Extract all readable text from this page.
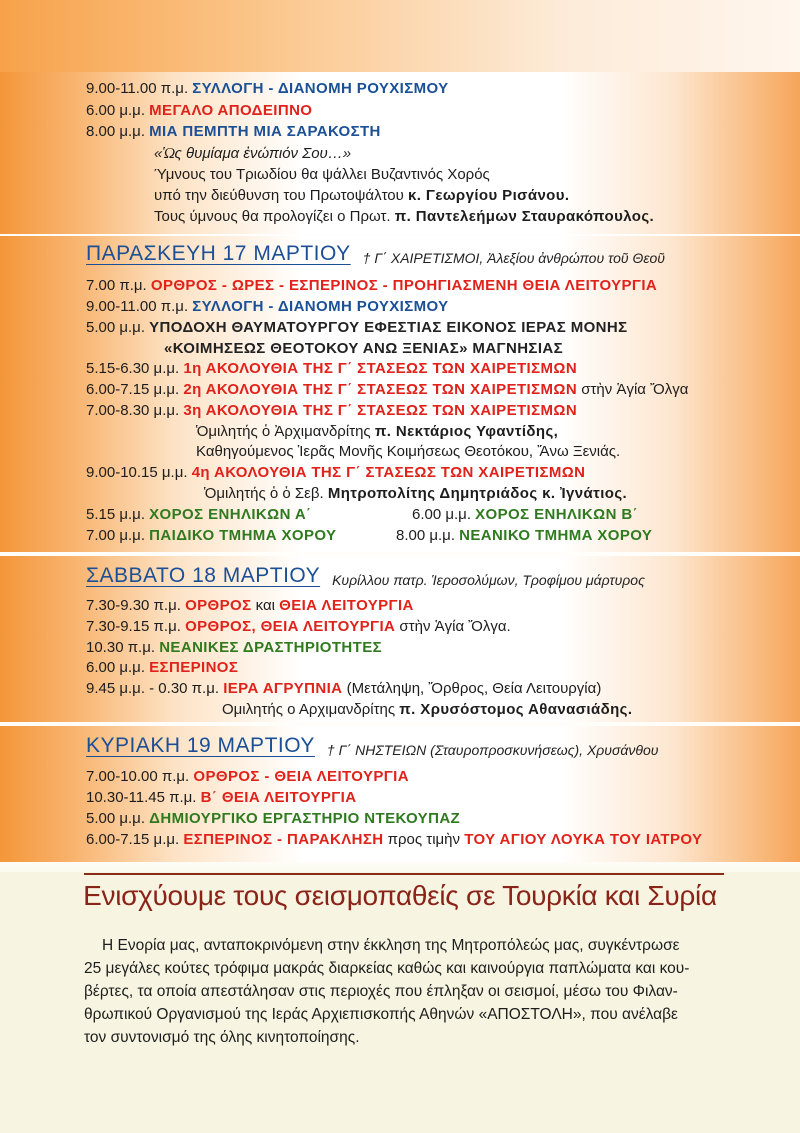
9.00-11.00 π.μ. ΣΥΛΛΟΓΗ - ΔΙΑΝΟΜΗ ΡΟΥΧΙΣΜΟΥ
6.00 μ.μ. ΜΕΓΑΛΟ ΑΠΟΔΕΙΠΝΟ
8.00 μ.μ. ΜΙΑ ΠΕΜΠΤΗ ΜΙΑ ΣΑΡΑΚΟΣΤΗ
«Ὡς θυμίαμα ἐνώπιόν Σου…»
Ύμνους του Τριωδίου θα ψάλλει Βυζαντινός Χορός
υπό την διεύθυνση του Πρωτοψάλτου κ. Γεωργίου Ρισάνου.
Τους ύμνους θα προλογίζει ο Πρωτ. π. Παντελεήμων Σταυρακόπουλος.
ΠΑΡΑΣΚΕΥΗ 17 ΜΑΡΤΙΟΥ † Γ΄ ΧΑΙΡΕΤΙΣΜΟΙ, Ἀλεξίου ἀνθρώπου τοῦ Θεοῦ
7.00 π.μ. ΟΡΘΡΟΣ - ΩΡΕΣ - ΕΣΠΕΡΙΝΟΣ - ΠΡΟΗΓΙΑΣΜΕΝΗ ΘΕΙΑ ΛΕΙΤΟΥΡΓΙΑ
9.00-11.00 π.μ. ΣΥΛΛΟΓΗ - ΔΙΑΝΟΜΗ ΡΟΥΧΙΣΜΟΥ
5.00 μ.μ. ΥΠΟΔΟΧΗ ΘΑΥΜΑΤΟΥΡΓΟΥ ΕΦΕΣΤΙΑΣ ΕΙΚΟΝΟΣ ΙΕΡΑΣ ΜΟΝΗΣ
«ΚΟΙΜΗΣΕΩΣ ΘΕΟΤΟΚΟΥ ΑΝΩ ΞΕΝΙΑΣ» ΜΑΓΝΗΣΙΑΣ
5.15-6.30 μ.μ. 1η ΑΚΟΛΟΥΘΙΑ ΤΗΣ Γ΄ ΣΤΑΣΕΩΣ ΤΩΝ ΧΑΙΡΕΤΙΣΜΩΝ
6.00-7.15 μ.μ. 2η ΑΚΟΛΟΥΘΙΑ ΤΗΣ Γ΄ ΣΤΑΣΕΩΣ ΤΩΝ ΧΑΙΡΕΤΙΣΜΩΝ στὴν Ἁγία Ὄλγα
7.00-8.30 μ.μ. 3η ΑΚΟΛΟΥΘΙΑ ΤΗΣ Γ΄ ΣΤΑΣΕΩΣ ΤΩΝ ΧΑΙΡΕΤΙΣΜΩΝ
Ὁμιλητής ὁ Ἀρχιμανδρίτης π. Νεκτάριος Υφαντίδης,
Καθηγούμενος Ἱερᾶς Μονῆς Κοιμήσεως Θεοτόκου, Ἄνω Ξενιάς.
9.00-10.15 μ.μ. 4η ΑΚΟΛΟΥΘΙΑ ΤΗΣ Γ΄ ΣΤΑΣΕΩΣ ΤΩΝ ΧΑΙΡΕΤΙΣΜΩΝ
Ὁμιλητής ὁ ὁ Σεβ. Μητροπολίτης Δημητριάδος κ. Ἰγνάτιος.
5.15 μ.μ. ΧΟΡΟΣ ΕΝΗΛΙΚΩΝ Α΄	6.00 μ.μ. ΧΟΡΟΣ ΕΝΗΛΙΚΩΝ Β΄
7.00 μ.μ. ΠΑΙΔΙΚΟ ΤΜΗΜΑ ΧΟΡΟΥ	8.00 μ.μ. ΝΕΑΝΙΚΟ ΤΜΗΜΑ ΧΟΡΟΥ
ΣΑΒΒΑΤΟ 18 ΜΑΡΤΙΟΥ Κυρίλλου πατρ. Ἱεροσολύμων, Τροφίμου μάρτυρος
7.30-9.30 π.μ. ΟΡΘΡΟΣ και ΘΕΙΑ ΛΕΙΤΟΥΡΓΙΑ
7.30-9.15 π.μ. ΟΡΘΡΟΣ, ΘΕΙΑ ΛΕΙΤΟΥΡΓΙΑ στὴν Ἁγία Ὄλγα.
10.30 π.μ. ΝΕΑΝΙΚΕΣ ΔΡΑΣΤΗΡΙΟΤΗΤΕΣ
6.00 μ.μ. ΕΣΠΕΡΙΝΟΣ
9.45 μ.μ. - 0.30 π.μ. ΙΕΡΑ ΑΓΡΥΠΝΙΑ (Μετάληψη, Ὄρθρος, Θεία Λειτουργία)
Ομιλητής ο Αρχιμανδρίτης π. Χρυσόστομος Αθανασιάδης.
ΚΥΡΙΑΚΗ 19 ΜΑΡΤΙΟΥ † Γ΄ ΝΗΣΤΕΙΩΝ (Σταυροπροσκυνήσεως), Χρυσάνθου
7.00-10.00 π.μ. ΟΡΘΡΟΣ - ΘΕΙΑ ΛΕΙΤΟΥΡΓΙΑ
10.30-11.45 π.μ. Β΄ ΘΕΙΑ ΛΕΙΤΟΥΡΓΙΑ
5.00 μ.μ. ΔΗΜΙΟΥΡΓΙΚΟ ΕΡΓΑΣΤΗΡΙΟ ΝΤΕΚΟΥΠΑΖ
6.00-7.15 μ.μ. ΕΣΠΕΡΙΝΟΣ - ΠΑΡΑΚΛΗΣΗ προς τιμὴν ΤΟΥ ΑΓΙΟΥ ΛΟΥΚΑ ΤΟΥ ΙΑΤΡΟΥ
Ενισχύουμε τους σεισμοπαθείς σε Τουρκία και Συρία
Η Ενορία μας, ανταποκρινόμενη στην έκκληση της Μητροπόλεώς μας, συγκέντρωσε
25 μεγάλες κούτες τρόφιμα μακράς διαρκείας καθώς και καινούργια παπλώματα και κου-
βέρτες, τα οποία απεστάλησαν στις περιοχές που έπληξαν οι σεισμοί, μέσω του Φιλαν-
θρωπικού Οργανισμού της Ιεράς Αρχιεπισκοπής Αθηνών «ΑΠΟΣΤΟΛΗ», που ανέλαβε
τον συντονισμό της όλης κινητοποίησης.
